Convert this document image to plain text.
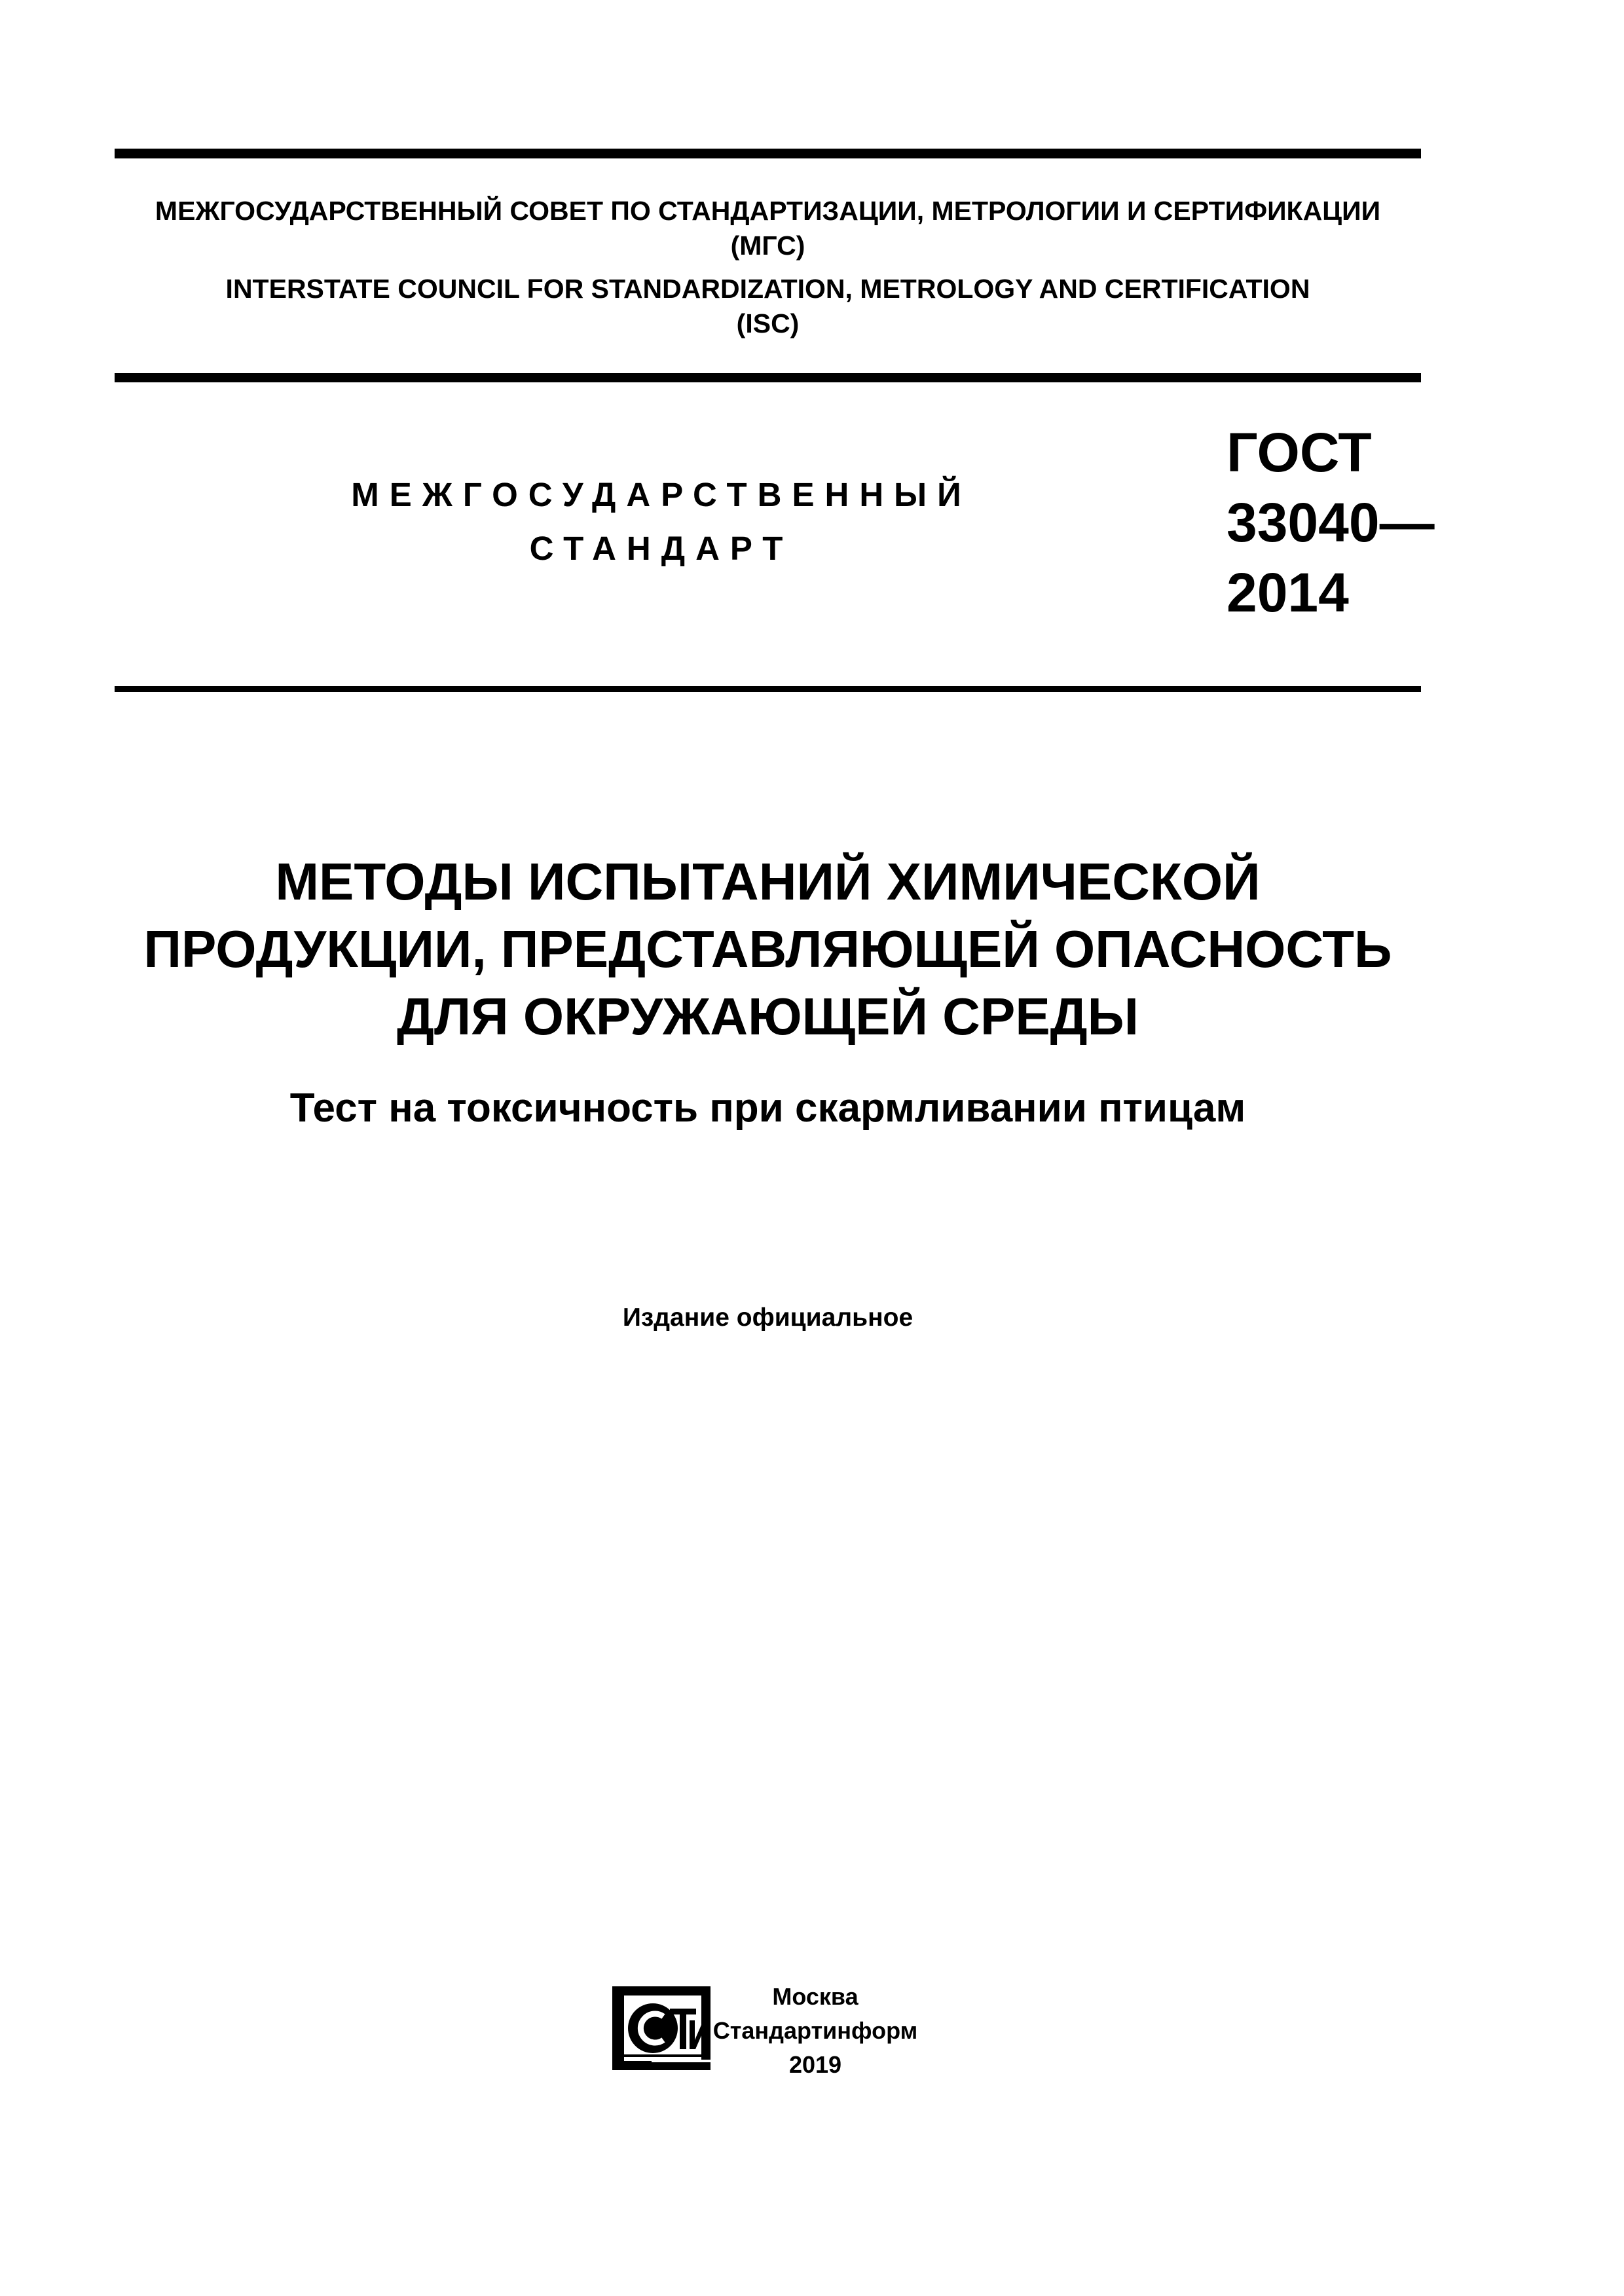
МЕЖГОСУДАРСТВЕННЫЙ СОВЕТ ПО СТАНДАРТИЗАЦИИ, МЕТРОЛОГИИ И СЕРТИФИКАЦИИ
(МГС)
INTERSTATE COUNCIL FOR STANDARDIZATION, METROLOGY AND CERTIFICATION
(ISC)
МЕЖГОСУДАРСТВЕННЫЙ
СТАНДАРТ
ГОСТ
33040—
2014
МЕТОДЫ ИСПЫТАНИЙ ХИМИЧЕСКОЙ
ПРОДУКЦИИ, ПРЕДСТАВЛЯЮЩЕЙ ОПАСНОСТЬ
ДЛЯ ОКРУЖАЮЩЕЙ СРЕДЫ
Тест на токсичность при скармливании птицам
Издание официальное
Москва
Стандартинформ
2019
